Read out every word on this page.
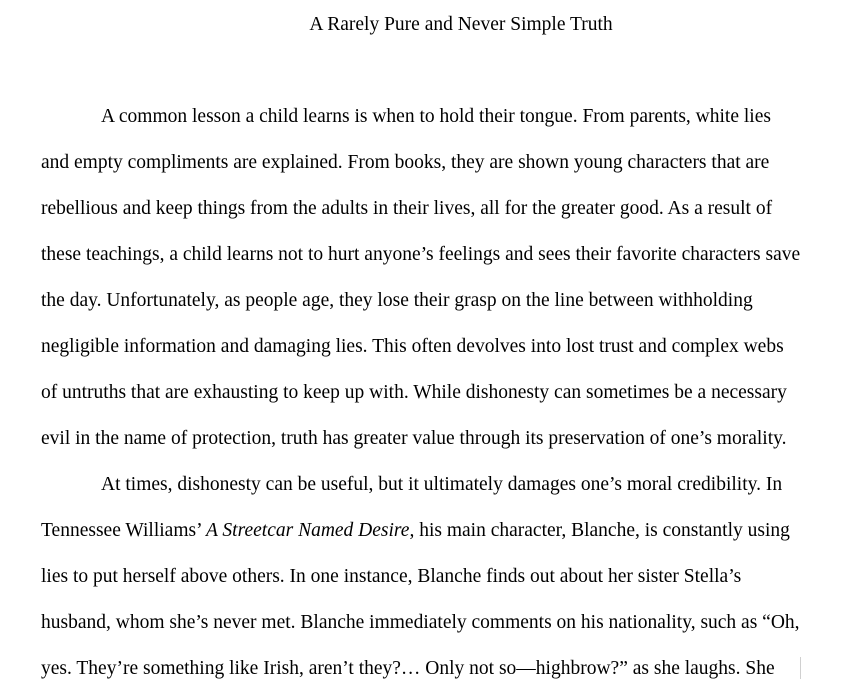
A Rarely Pure and Never Simple Truth
A common lesson a child learns is when to hold their tongue. From parents, white lies
and empty compliments are explained. From books, they are shown young characters that are
rebellious and keep things from the adults in their lives, all for the greater good. As a result of
these teachings, a child learns not to hurt anyone’s feelings and sees their favorite characters save
the day. Unfortunately, as people age, they lose their grasp on the line between withholding
negligible information and damaging lies. This often devolves into lost trust and complex webs
of untruths that are exhausting to keep up with. While dishonesty can sometimes be a necessary
evil in the name of protection, truth has greater value through its preservation of one’s morality.
At times, dishonesty can be useful, but it ultimately damages one’s moral credibility. In
Tennessee Williams’ A Streetcar Named Desire, his main character, Blanche, is constantly using
lies to put herself above others. In one instance, Blanche finds out about her sister Stella’s
husband, whom she’s never met. Blanche immediately comments on his nationality, such as “Oh,
yes. They’re something like Irish, aren’t they?… Only not so—highbrow?” as she laughs. She
